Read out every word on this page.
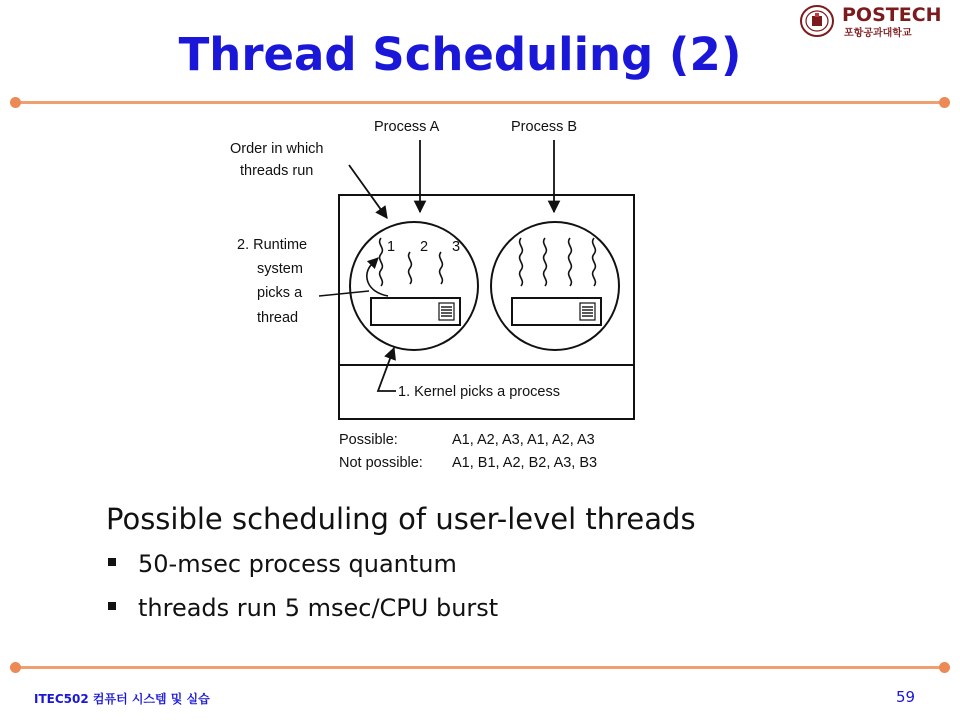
Thread Scheduling (2)
POSTECH
포항공과대학교
Process A	Process B
Order in which
threads run
2. Runtime
system
picks a
thread
1 2 3
1. Kernel picks a process
Possible:	A1, A2, A3, A1, A2, A3
Not possible: A1, B1, A2, B2, A3, B3
Possible scheduling of user-level threads
50-msec process quantum
threads run 5 msec/CPU burst
ITEC502 컴퓨터 시스템 및 실습	59
